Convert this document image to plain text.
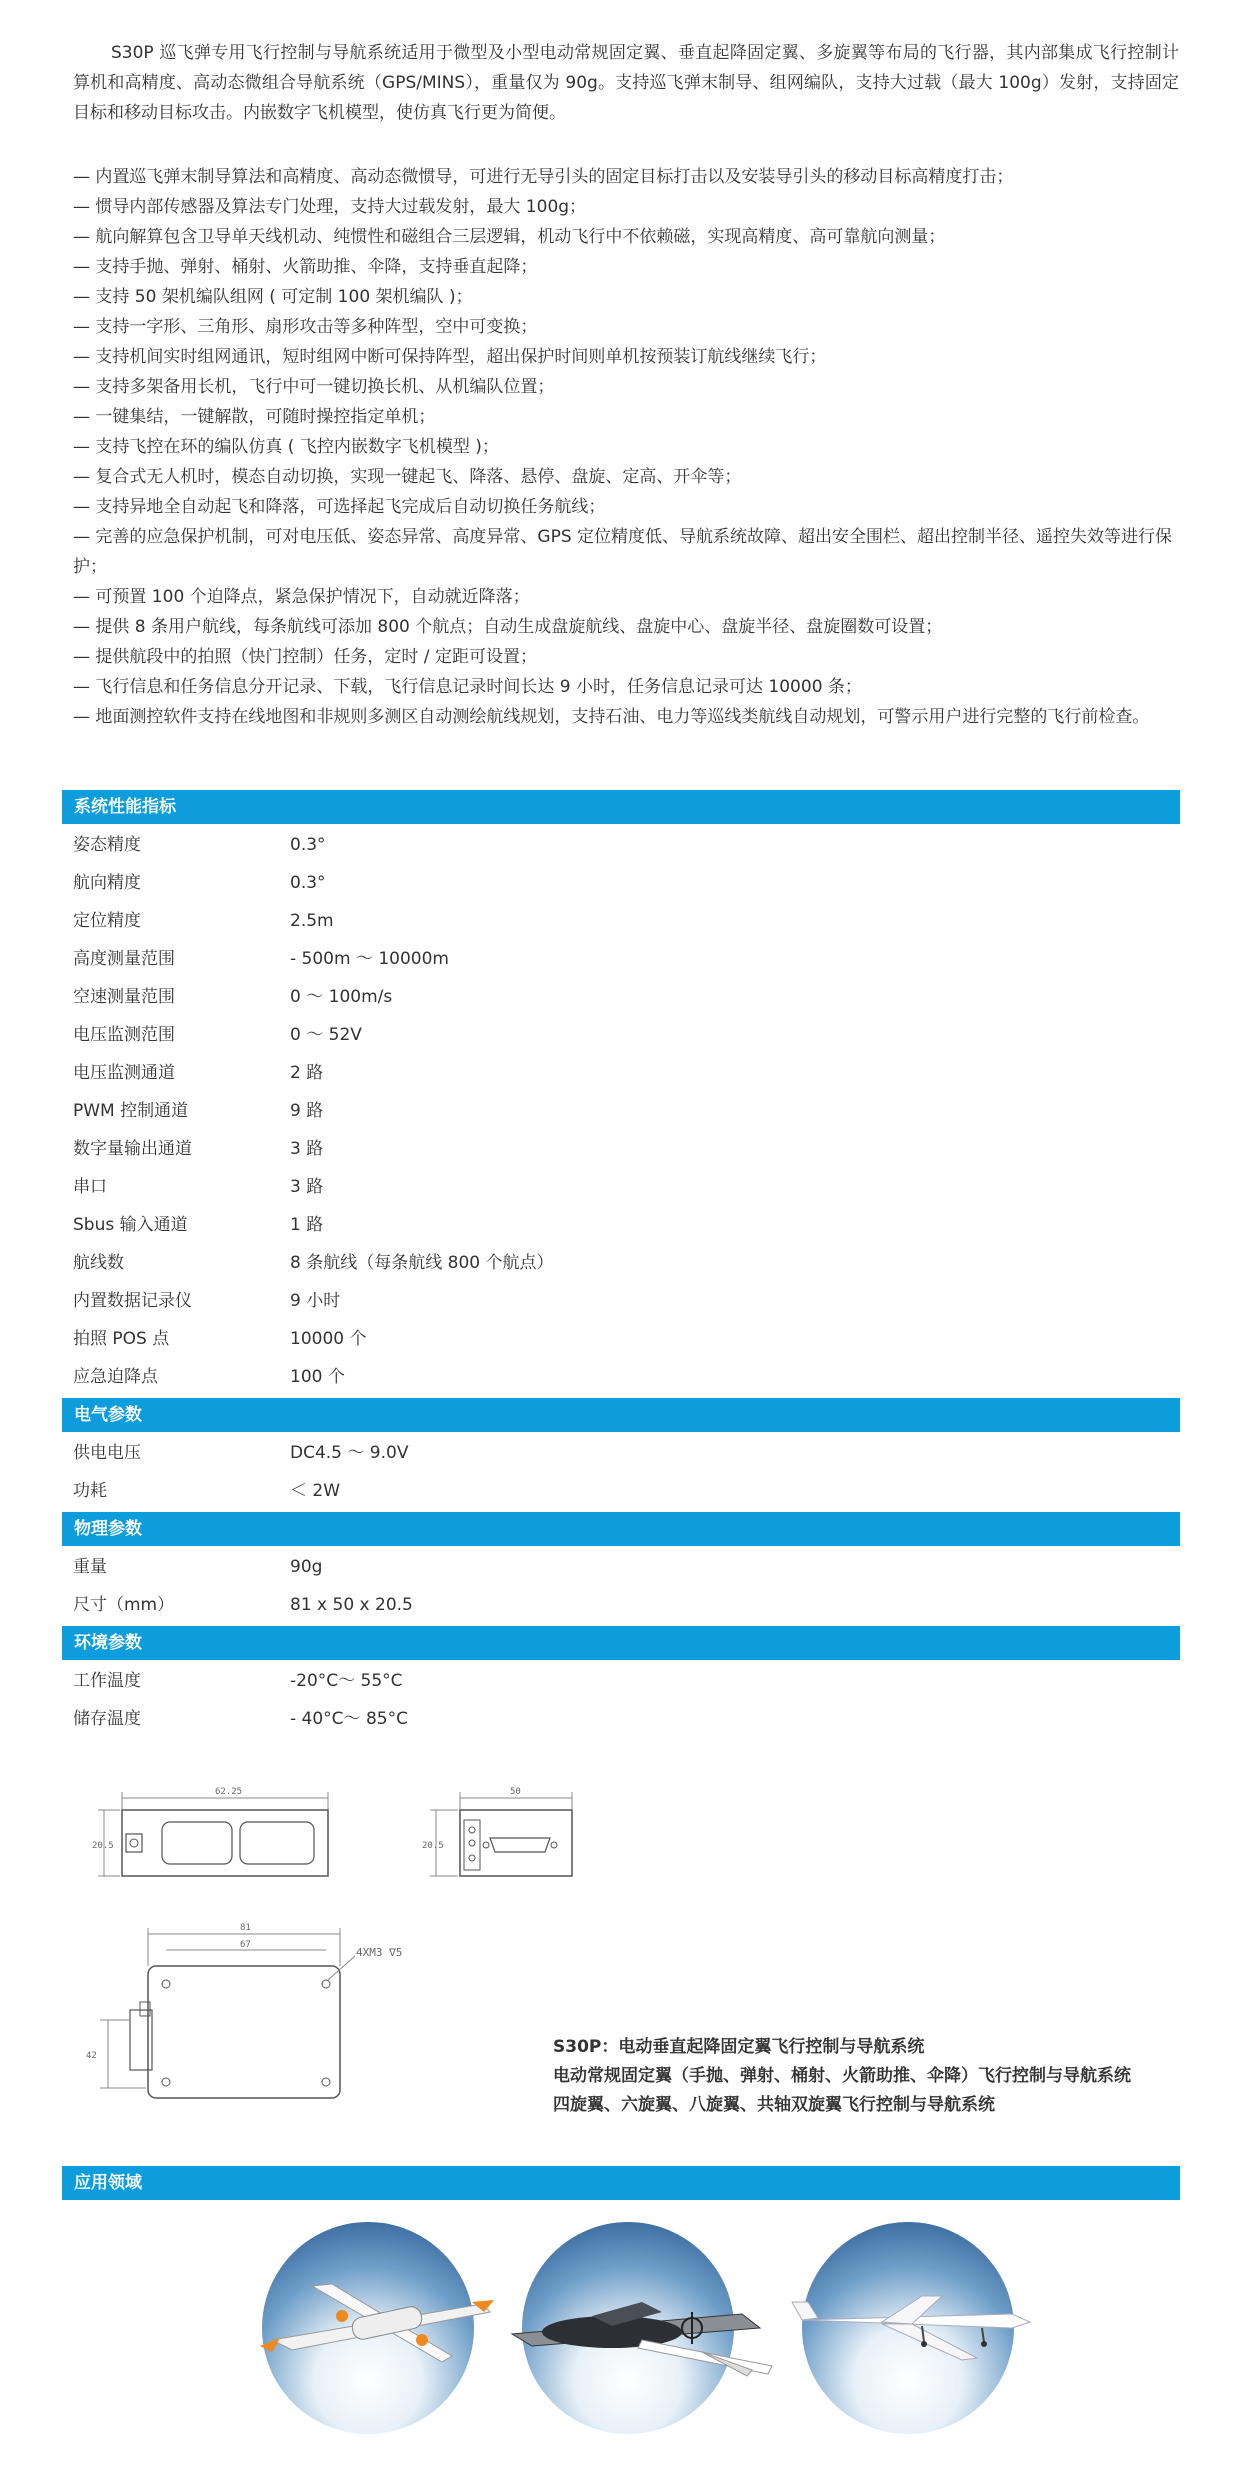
S30P 巡飞弹专用飞行控制与导航系统适用于微型及小型电动常规固定翼、垂直起降固定翼、多旋翼等布局的飞行器，其内部集成飞行控制计算机和高精度、高动态微组合导航系统（GPS/MINS），重量仅为 90g。支持巡飞弹末制导、组网编队，支持大过载（最大 100g）发射，支持固定目标和移动目标攻击。内嵌数字飞机模型，使仿真飞行更为简便。
— 内置巡飞弹末制导算法和高精度、高动态微惯导，可进行无导引头的固定目标打击以及安装导引头的移动目标高精度打击；
— 惯导内部传感器及算法专门处理，支持大过载发射，最大 100g；
— 航向解算包含卫导单天线机动、纯惯性和磁组合三层逻辑，机动飞行中不依赖磁，实现高精度、高可靠航向测量；
— 支持手抛、弹射、桶射、火箭助推、伞降，支持垂直起降；
— 支持 50 架机编队组网 ( 可定制 100 架机编队 )；
— 支持一字形、三角形、扇形攻击等多种阵型，空中可变换；
— 支持机间实时组网通讯，短时组网中断可保持阵型，超出保护时间则单机按预装订航线继续飞行；
— 支持多架备用长机，飞行中可一键切换长机、从机编队位置；
— 一键集结，一键解散，可随时操控指定单机；
— 支持飞控在环的编队仿真 ( 飞控内嵌数字飞机模型 )；
— 复合式无人机时，模态自动切换，实现一键起飞、降落、悬停、盘旋、定高、开伞等；
— 支持异地全自动起飞和降落，可选择起飞完成后自动切换任务航线；
— 完善的应急保护机制，可对电压低、姿态异常、高度异常、GPS 定位精度低、导航系统故障、超出安全围栏、超出控制半径、遥控失效等进行保护；
— 可预置 100 个迫降点，紧急保护情况下，自动就近降落；
— 提供 8 条用户航线，每条航线可添加 800 个航点；自动生成盘旋航线、盘旋中心、盘旋半径、盘旋圈数可设置；
— 提供航段中的拍照（快门控制）任务，定时 / 定距可设置；
— 飞行信息和任务信息分开记录、下载，飞行信息记录时间长达 9 小时，任务信息记录可达 10000 条；
— 地面测控软件支持在线地图和非规则多测区自动测绘航线规划，支持石油、电力等巡线类航线自动规划，可警示用户进行完整的飞行前检查。
系统性能指标
姿态精度	0.3°
航向精度	0.3°
定位精度	2.5m
高度测量范围	- 500m ～ 10000m
空速测量范围	0 ～ 100m/s
电压监测范围	0 ～ 52V
电压监测通道	2 路
PWM 控制通道	9 路
数字量输出通道	3 路
串口	3 路
Sbus 输入通道	1 路
航线数	8 条航线（每条航线 800 个航点）
内置数据记录仪	9 小时
拍照 POS 点	10000 个
应急迫降点	100 个
电气参数
供电电压	DC4.5 ～ 9.0V
功耗	＜ 2W
物理参数
重量	90g
尺寸（mm）	81 x 50 x 20.5
环境参数
工作温度	-20°C～ 55°C
储存温度	- 40°C～ 85°C
62.25
20.5
50
20.5
81
67
42
4XM3 ∇5
S30P：电动垂直起降固定翼飞行控制与导航系统
电动常规固定翼（手抛、弹射、桶射、火箭助推、伞降）飞行控制与导航系统
四旋翼、六旋翼、八旋翼、共轴双旋翼飞行控制与导航系统
应用领域
